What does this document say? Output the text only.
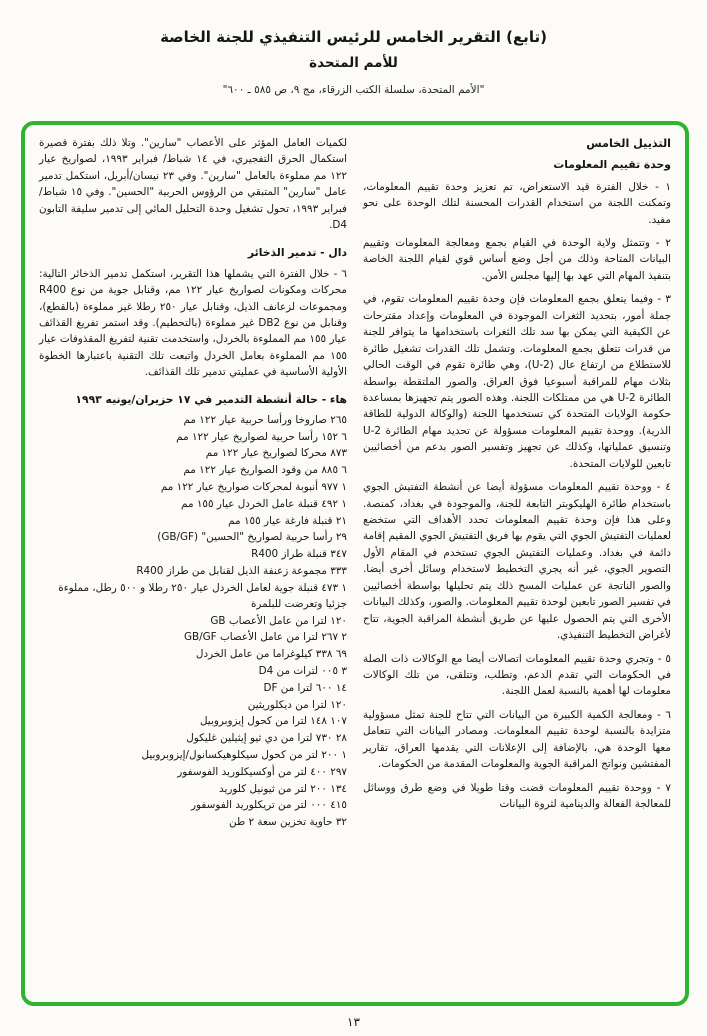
(تابع) التقرير الخامس للرئيس التنفيذي للجنة الخاصة
للأمم المتحدة
"الأمم المتحدة، سلسلة الكتب الزرقاء، مج ٩، ص ٥٨٥ ـ ٦٠٠"
التذييل الخامس
وحدة تقييم المعلومات
١ - خلال الفترة قيد الاستعراض، تم تعزيز وحدة تقييم المعلومات، وتمكنت اللجنة من استخدام القدرات المحسنة لتلك الوحدة على نحو مفيد.
٢ - وتتمثل ولاية الوحدة في القيام بجمع ومعالجة المعلومات وتقييم البيانات المتاحة وذلك من أجل وضع أساس قوي لقيام اللجنة الخاصة بتنفيذ المهام التي عهد بها إليها مجلس الأمن.
٣ - وفيما يتعلق بجمع المعلومات فإن وحدة تقييم المعلومات تقوم، في جملة أمور، بتحديد الثغرات الموجودة في المعلومات وإعداد مقترحات عن الكيفية التي يمكن بها سد تلك الثغرات باستخدامها ما يتوافر للجنة من قدرات تتعلق بجمع المعلومات. وتشمل تلك القدرات تشغيل طائرة للاستطلاع من ارتفاع عال (U-2)، وهي طائرة تقوم في الوقت الحالي بثلاث مهام للمراقبة أسبوعيا فوق العراق. والصور الملتقطة بواسطة الطائرة U-2 هي من ممتلكات اللجنة. وهذه الصور يتم تجهيزها بمساعدة حكومة الولايات المتحدة كي تستخدمها اللجنة (والوكالة الدولية للطاقة الذرية). ووحدة تقييم المعلومات مسؤولة عن تحديد مهام الطائرة U-2 وتنسيق عملياتها، وكذلك عن تجهيز وتفسير الصور بدعم من أخصائيين تابعين للولايات المتحدة.
٤ - ووحدة تقييم المعلومات مسؤولة أيضا عن أنشطة التفتيش الجوي باستخدام طائرة الهليكوبتر التابعة للجنة، والموجودة في بغداد، كمنصة. وعلى هذا فإن وحدة تقييم المعلومات تحدد الأهداف التي ستخضع لعمليات التفتيش الجوي التي يقوم بها فريق التفتيش الجوي المقيم إقامة دائمة في بغداد. وعمليات التفتيش الجوي تستخدم في المقام الأول التصوير الجوي، غير أنه يجري التخطيط لاستخدام وسائل أخرى أيضا. والصور الناتجة عن عمليات المسح ذلك يتم تحليلها بواسطة أخصائيين في تفسير الصور تابعين لوحدة تقييم المعلومات. والصور، وكذلك البيانات الأخرى التي يتم الحصول عليها عن طريق أنشطة المراقبة الجوية، تتاح لأغراض التخطيط التنفيذي.
٥ - وتجري وحدة تقييم المعلومات اتصالات أيضا مع الوكالات ذات الصلة في الحكومات التي تقدم الدعم، وتطلب، وتتلقى، من تلك الوكالات معلومات لها أهمية بالنسبة لعمل اللجنة.
٦ - ومعالجة الكمية الكبيرة من البيانات التي تتاح للجنة تمثل مسؤولية متزايدة بالنسبة لوحدة تقييم المعلومات. ومصادر البيانات التي تتعامل معها الوحدة هي، بالإضافة إلى الإعلانات التي يقدمها العراق، تقارير المفتشين ونواتج المراقبة الجوية والمعلومات المقدمة من الحكومات.
٧ - ووحدة تقييم المعلومات قضت وقتا طويلا في وضع طرق ووسائل للمعالجة الفعالة والدينامية لثروة البيانات
لكميات العامل المؤثر على الأعصاب "سارين". وتلا ذلك بفترة قصيرة استكمال الحرق التفجيري، في ١٤ شباط/ فبراير ١٩٩٣، لصواريخ عيار ١٢٢ مم مملوءة بالعامل "سارين". وفي ٢٣ نيسان/أبريل، استكمل تدمير عامل "سارين" المتبقي من الرؤوس الحربية "الحسين". وفي ١٥ شباط/ فبراير ١٩٩٣، تحول تشغيل وحدة التحليل المائي إلى تدمير سليفة التابون D4.
دال - تدمير الذخائر
٦ - خلال الفترة التي يشملها هذا التقرير، استكمل تدمير الذخائر التالية: محركات ومكونات لصواريخ عيار ١٢٢ مم، وقنابل جوية من نوع R400 ومجموعات لزعانف الذيل، وقنابل عيار ٢٥٠ رطلا غير مملوءة (بالقطع)، وقنابل من نوع DB2 غير مملوءة (بالتحطيم). وقد استمر تفريغ القذائف عيار ١٥٥ مم المملوءة بالخردل، واستخدمت تقنية لتفريغ المقذوفات عيار ١٥٥ مم المملوءة بعامل الخردل واتبعت تلك التقنية باعتبارها الخطوة الأولية الأساسية في عمليتي تدمير تلك القذائف.
هاء - حالة أنشطة التدمير في ١٧ حزيران/يونيه ١٩٩٣
٢٦٥ صاروخا ورأسا حربية عيار ١٢٢ مم
٦ ١٥٢ رأسا حربية لصواريخ عيار ١٢٢ مم
٨٧٣ محركا لصواريخ عيار ١٢٢ مم
٦ ٨٨٥ من وقود الصواريخ عيار ١٢٢ مم
١ ٩٧٧ أنبوبة لمحركات صواريخ عيار ١٢٢ مم
١ ٤٩٢ قنبلة عامل الخردل عيار ١٥٥ مم
٢١ قنبلة فارغة عيار ١٥٥ مم
٢٩ رأسا حربية لصواريخ "الحسين" (GB/GF)
٣٤٧ قنبلة طراز R400
٣٣٣ مجموعة زعنفة الذيل لقنابل من طراز R400
١ ٤٧٣ قنبلة جوية لعامل الخردل عيار ٢٥٠ رطلا و ٥٠٠ رطل، مملوءة جزئيا وتعرضت للبلمرة
١٢٠ لترا من عامل الأعصاب GB
٢ ٢٦٧ لترا من عامل الأعصاب GB/GF
٦٩ ٣٣٨ كيلوغراما من عامل الخردل
٣ ٠٠٥ لترات من D4
١٤ ٦٠٠ لترا من DF
١٢٠ لترا من ديكلوريثين
١٠٧ ١٤٨ لترا من كحول إيزوبروبيل
٢٨ ٧٣٠ لترا من دي ثيو إيثيلين غليكول
١ ٢٠٠ لتر من كحول سيكلوهيكسانول/إيزوبروبيل
٢٩٧ ٤٠٠ لتر من أوكسيكلوريد الفوسفور
١٣٤ ٢٠٠ لتر من ثيونيل كلوريد
٤١٥ ٠٠٠ لتر من تريكلوريد الفوسفور
٣٢ حاوية تخزين سعة ٢ طن
١٣
